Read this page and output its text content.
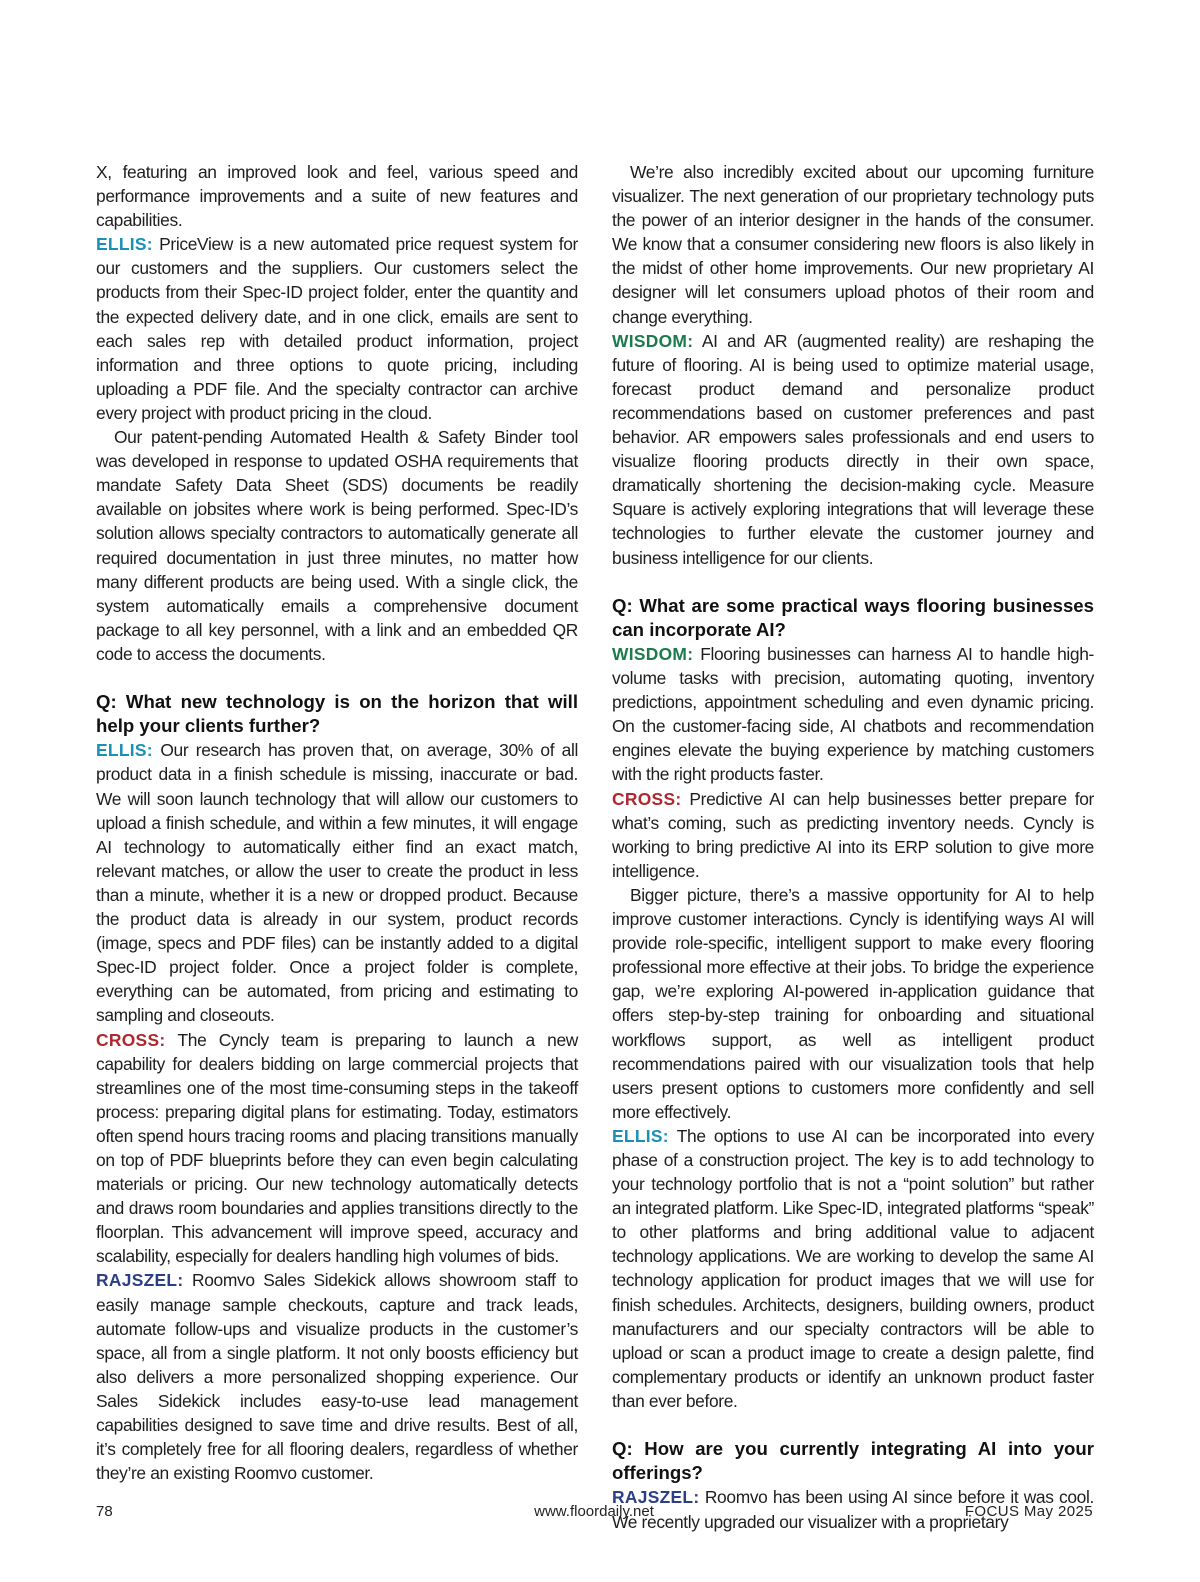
X, featuring an improved look and feel, various speed and performance improvements and a suite of new features and capabilities.

ELLIS: PriceView is a new automated price request system for our customers and the suppliers. Our customers select the products from their Spec-ID project folder, enter the quantity and the expected delivery date, and in one click, emails are sent to each sales rep with detailed product information, project information and three options to quote pricing, including uploading a PDF file. And the specialty contractor can archive every project with product pricing in the cloud.

Our patent-pending Automated Health & Safety Binder tool was developed in response to updated OSHA requirements that mandate Safety Data Sheet (SDS) documents be readily available on jobsites where work is being performed. Spec-ID’s solution allows specialty contractors to automatically generate all required documentation in just three minutes, no matter how many different products are being used. With a single click, the system automatically emails a comprehensive document package to all key personnel, with a link and an embedded QR code to access the documents.

Q: What new technology is on the horizon that will help your clients further?

ELLIS: Our research has proven that, on average, 30% of all product data in a finish schedule is missing, inaccurate or bad. We will soon launch technology that will allow our customers to upload a finish schedule, and within a few minutes, it will engage AI technology to automatically either find an exact match, relevant matches, or allow the user to create the product in less than a minute, whether it is a new or dropped product. Because the product data is already in our system, product records (image, specs and PDF files) can be instantly added to a digital Spec-ID project folder. Once a project folder is complete, everything can be automated, from pricing and estimating to sampling and closeouts.

CROSS: The Cyncly team is preparing to launch a new capability for dealers bidding on large commercial projects that streamlines one of the most time-consuming steps in the takeoff process: preparing digital plans for estimating. Today, estimators often spend hours tracing rooms and placing transitions manually on top of PDF blueprints before they can even begin calculating materials or pricing. Our new technology automatically detects and draws room boundaries and applies transitions directly to the floorplan. This advancement will improve speed, accuracy and scalability, especially for dealers handling high volumes of bids.

RAJSZEL: Roomvo Sales Sidekick allows showroom staff to easily manage sample checkouts, capture and track leads, automate follow-ups and visualize products in the customer’s space, all from a single platform. It not only boosts efficiency but also delivers a more personalized shopping experience. Our Sales Sidekick includes easy-to-use lead management capabilities designed to save time and drive results. Best of all, it’s completely free for all flooring dealers, regardless of whether they’re an existing Roomvo customer.

We’re also incredibly excited about our upcoming furniture visualizer. The next generation of our proprietary technology puts the power of an interior designer in the hands of the consumer. We know that a consumer considering new floors is also likely in the midst of other home improvements. Our new proprietary AI designer will let consumers upload photos of their room and change everything.

WISDOM: AI and AR (augmented reality) are reshaping the future of flooring. AI is being used to optimize material usage, forecast product demand and personalize product recommendations based on customer preferences and past behavior. AR empowers sales professionals and end users to visualize flooring products directly in their own space, dramatically shortening the decision-making cycle. Measure Square is actively exploring integrations that will leverage these technologies to further elevate the customer journey and business intelligence for our clients.

Q: What are some practical ways flooring businesses can incorporate AI?

WISDOM: Flooring businesses can harness AI to handle high-volume tasks with precision, automating quoting, inventory predictions, appointment scheduling and even dynamic pricing. On the customer-facing side, AI chatbots and recommendation engines elevate the buying experience by matching customers with the right products faster.

CROSS: Predictive AI can help businesses better prepare for what’s coming, such as predicting inventory needs. Cyncly is working to bring predictive AI into its ERP solution to give more intelligence.

Bigger picture, there’s a massive opportunity for AI to help improve customer interactions. Cyncly is identifying ways AI will provide role-specific, intelligent support to make every flooring professional more effective at their jobs. To bridge the experience gap, we’re exploring AI-powered in-application guidance that offers step-by-step training for onboarding and situational workflows support, as well as intelligent product recommendations paired with our visualization tools that help users present options to customers more confidently and sell more effectively.

ELLIS: The options to use AI can be incorporated into every phase of a construction project. The key is to add technology to your technology portfolio that is not a “point solution” but rather an integrated platform. Like Spec-ID, integrated platforms “speak” to other platforms and bring additional value to adjacent technology applications. We are working to develop the same AI technology application for product images that we will use for finish schedules. Architects, designers, building owners, product manufacturers and our specialty contractors will be able to upload or scan a product image to create a design palette, find complementary products or identify an unknown product faster than ever before.

Q: How are you currently integrating AI into your offerings?

RAJSZEL: Roomvo has been using AI since before it was cool. We recently upgraded our visualizer with a proprietary

78	www.floordaily.net	FOCUS May 2025
